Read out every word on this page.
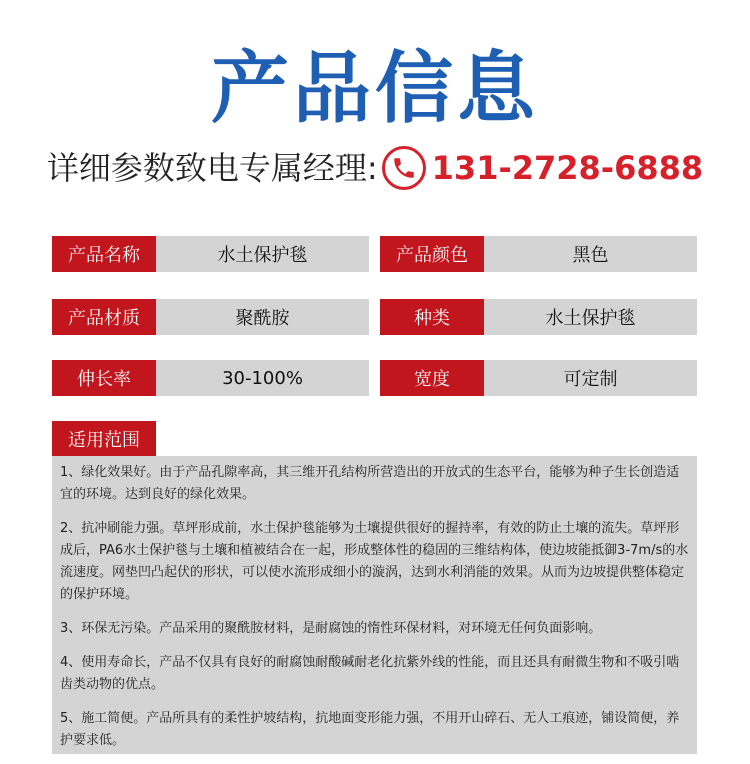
产品信息
详细参数致电专属经理: 131-2728-6888
产品名称	水土保护毯	产品颜色	黑色
产品材质	聚酰胺	种类	水土保护毯
伸长率	30-100%	宽度	可定制
适用范围

1、绿化效果好。由于产品孔隙率高，其三维开孔结构所营造出的开放式的生态平台，能够为种子生长创造适宜的环境。达到良好的绿化效果。

2、抗冲刷能力强。草坪形成前，水土保护毯能够为土壤提供很好的握持率，有效的防止土壤的流失。草坪形成后，PA6水土保护毯与土壤和植被结合在一起，形成整体性的稳固的三维结构体，使边坡能抵御3-7m/s的水流速度。网垫凹凸起伏的形状，可以使水流形成细小的漩涡，达到水利消能的效果。从而为边坡提供整体稳定的保护环境。

3、环保无污染。产品采用的聚酰胺材料，是耐腐蚀的惰性环保材料，对环境无任何负面影响。

4、使用寿命长，产品不仅具有良好的耐腐蚀耐酸碱耐老化抗紫外线的性能，而且还具有耐微生物和不吸引啮齿类动物的优点。

5、施工简便。产品所具有的柔性护坡结构，抗地面变形能力强，不用开山碎石、无人工痕迹，铺设简便，养护要求低。
